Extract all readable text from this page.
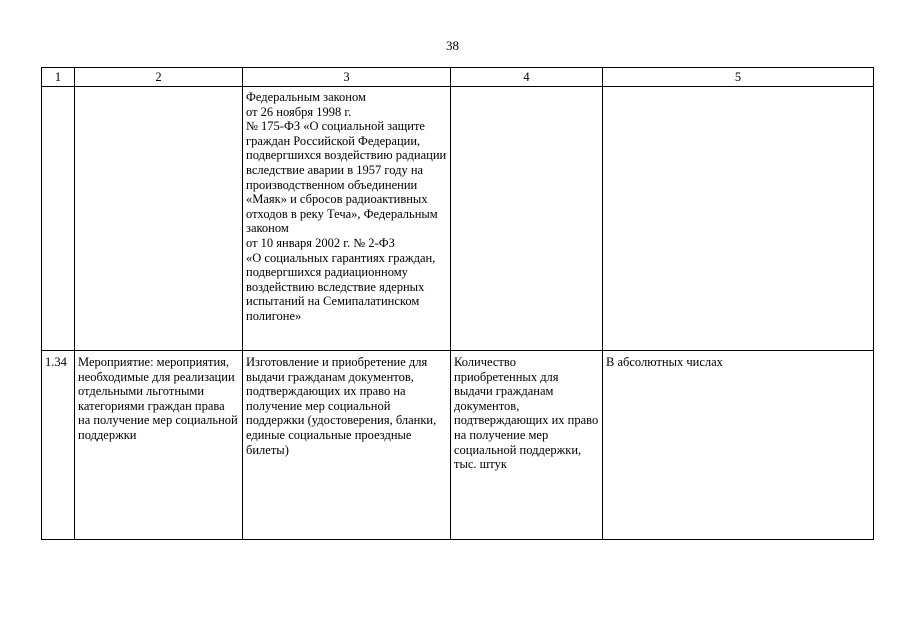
38
1	2	3	4	5
		Федеральным законом
от 26 ноября 1998 г.
№ 175-ФЗ «О социальной защите граждан Российской Федерации, подвергшихся воздействию радиации вследствие аварии в 1957 году на производственном объединении «Маяк» и сбросов радиоактивных отходов в реку Теча», Федеральным законом
от 10 января 2002 г. № 2-ФЗ
«О социальных гарантиях граждан, подвергшихся радиационному воздействию вследствие ядерных испытаний на Семипалатинском полигоне»		
1.34	Мероприятие: мероприятия, необходимые для реализации отдельными льготными категориями граждан права на получение мер социальной поддержки	Изготовление и приобретение для выдачи гражданам документов, подтверждающих их право на получение мер социальной поддержки (удостоверения, бланки, единые социальные проездные билеты)	Количество приобретенных для выдачи гражданам документов, подтверждающих их право на получение мер социальной поддержки, тыс. штук	В абсолютных числах
